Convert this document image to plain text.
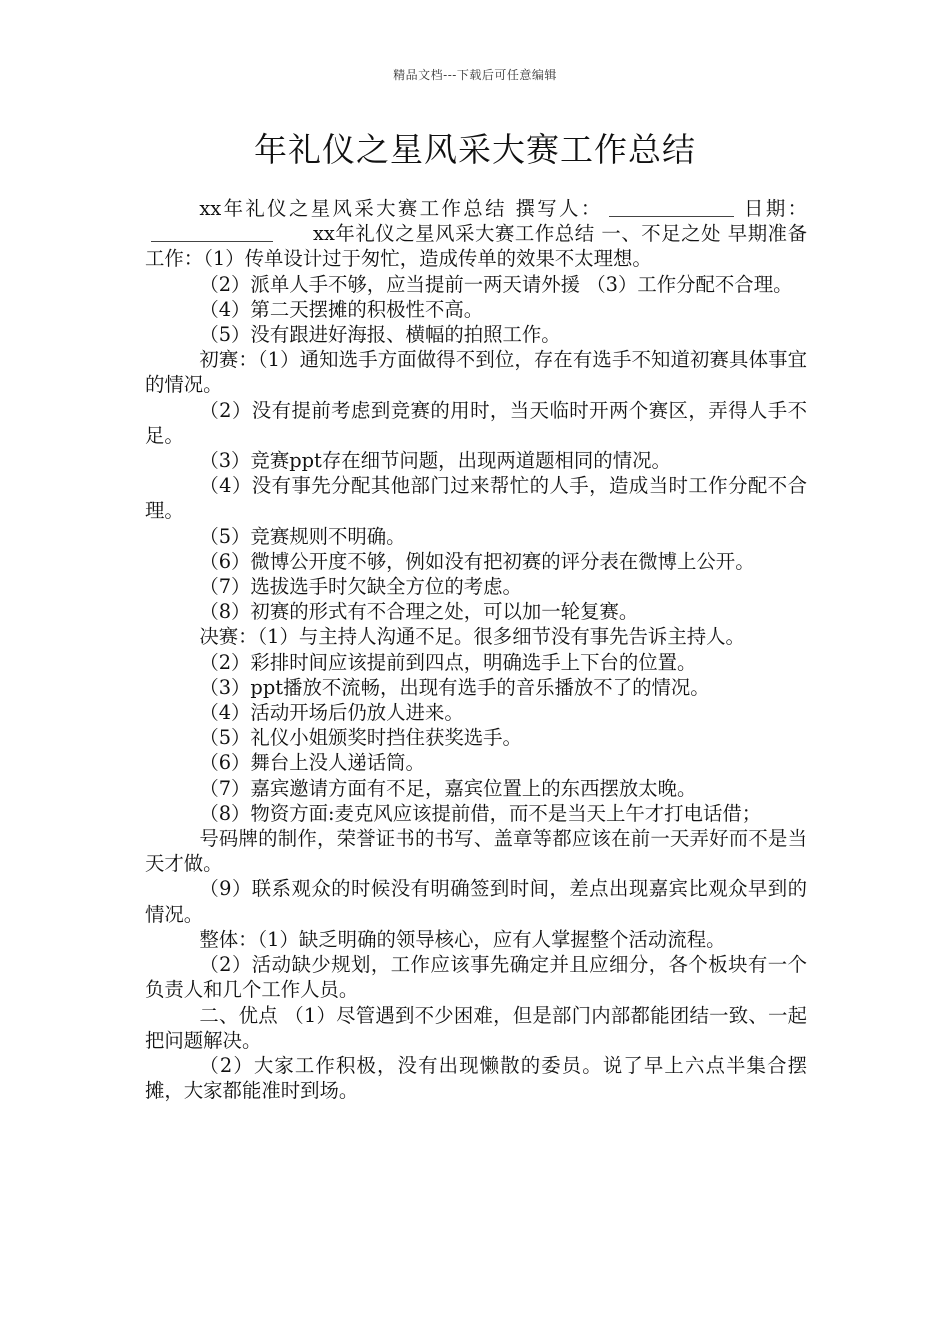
精品文档---下载后可任意编辑
年礼仪之星风采大赛工作总结

xx年礼仪之星风采大赛工作总结 撰写人：	日期：xx年礼仪之星风采大赛工作总结 一、不足之处 早期准备工作：（1）传单设计过于匆忙，造成传单的效果不太理想。

（2）派单人手不够，应当提前一两天请外援 （3）工作分配不合理。

（4）第二天摆摊的积极性不高。

（5）没有跟进好海报、横幅的拍照工作。

初赛：（1）通知选手方面做得不到位，存在有选手不知道初赛具体事宜的情况。

（2）没有提前考虑到竞赛的用时，当天临时开两个赛区，弄得人手不足。

（3）竞赛ppt存在细节问题，出现两道题相同的情况。

（4）没有事先分配其他部门过来帮忙的人手，造成当时工作分配不合理。

（5）竞赛规则不明确。

（6）微博公开度不够，例如没有把初赛的评分表在微博上公开。

（7）选拔选手时欠缺全方位的考虑。

（8）初赛的形式有不合理之处，可以加一轮复赛。

决赛：（1）与主持人沟通不足。很多细节没有事先告诉主持人。

（2）彩排时间应该提前到四点，明确选手上下台的位置。

（3）ppt播放不流畅，出现有选手的音乐播放不了的情况。

（4）活动开场后仍放人进来。

（5）礼仪小姐颁奖时挡住获奖选手。

（6）舞台上没人递话筒。

（7）嘉宾邀请方面有不足，嘉宾位置上的东西摆放太晚。

（8）物资方面:麦克风应该提前借，而不是当天上午才打电话借；

号码牌的制作，荣誉证书的书写、盖章等都应该在前一天弄好而不是当天才做。

（9）联系观众的时候没有明确签到时间，差点出现嘉宾比观众早到的情况。

整体：（1）缺乏明确的领导核心，应有人掌握整个活动流程。

（2）活动缺少规划，工作应该事先确定并且应细分，各个板块有一个负责人和几个工作人员。

二、优点 （1）尽管遇到不少困难，但是部门内部都能团结一致、一起把问题解决。

（2）大家工作积极，没有出现懒散的委员。说了早上六点半集合摆摊，大家都能准时到场。
